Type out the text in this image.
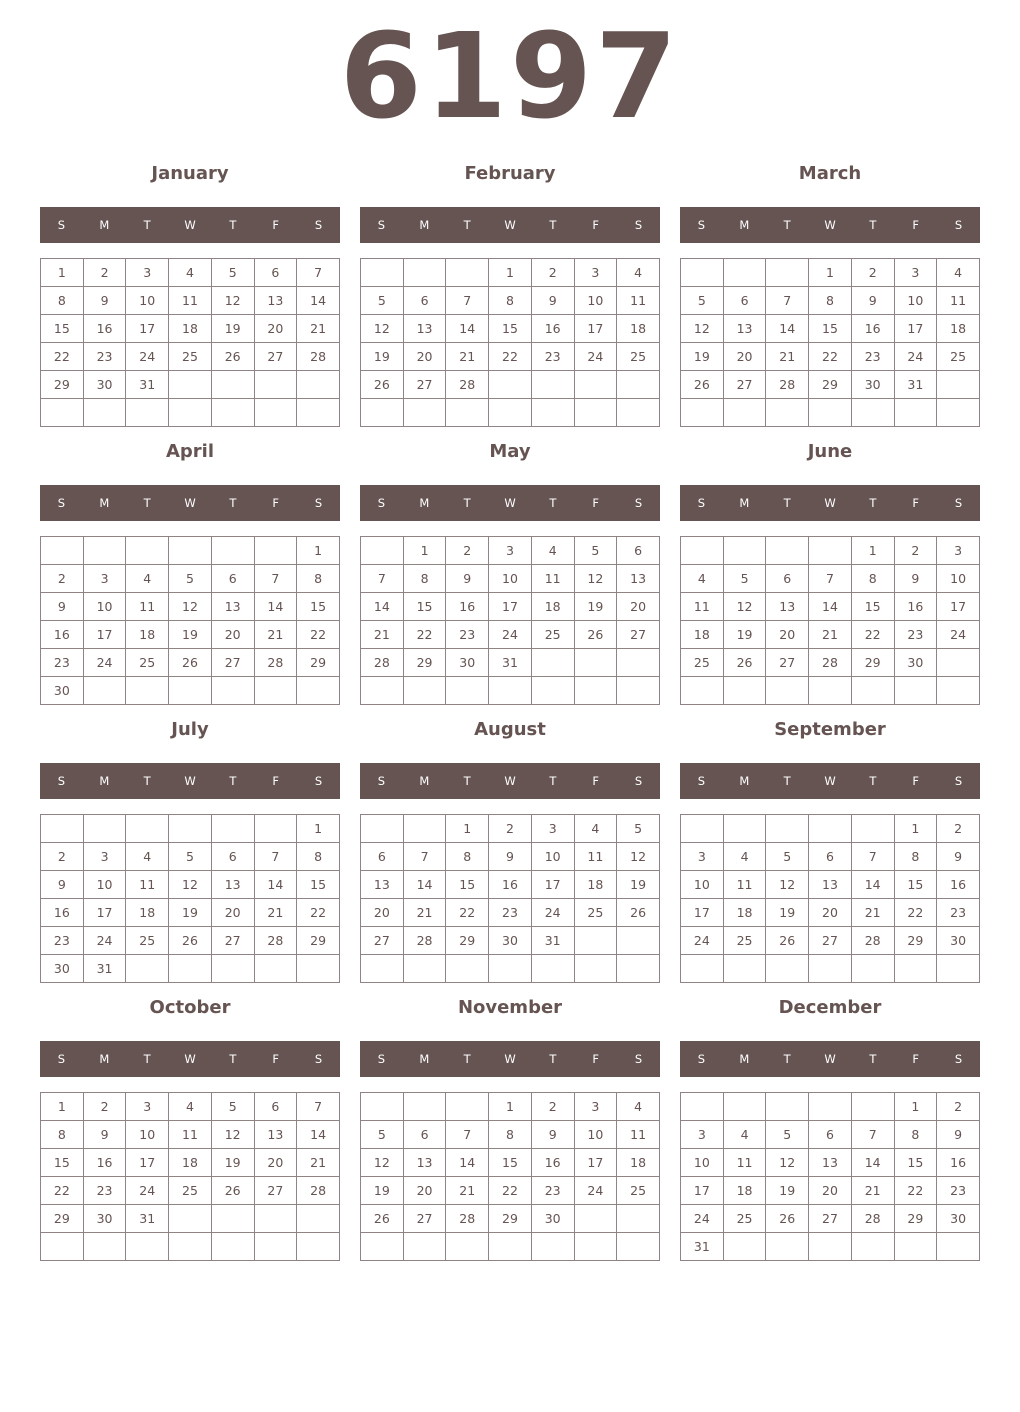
6197
January
S	M	T	W	T	F	S
1	2	3	4	5	6	7
8	9	10	11	12	13	14
15	16	17	18	19	20	21
22	23	24	25	26	27	28
29	30	31				

February
S	M	T	W	T	F	S
			1	2	3	4
5	6	7	8	9	10	11
12	13	14	15	16	17	18
19	20	21	22	23	24	25
26	27	28				

March
S	M	T	W	T	F	S
			1	2	3	4
5	6	7	8	9	10	11
12	13	14	15	16	17	18
19	20	21	22	23	24	25
26	27	28	29	30	31	

April
S	M	T	W	T	F	S
						1
2	3	4	5	6	7	8
9	10	11	12	13	14	15
16	17	18	19	20	21	22
23	24	25	26	27	28	29
30						
May
S	M	T	W	T	F	S
	1	2	3	4	5	6
7	8	9	10	11	12	13
14	15	16	17	18	19	20
21	22	23	24	25	26	27
28	29	30	31			

June
S	M	T	W	T	F	S
				1	2	3
4	5	6	7	8	9	10
11	12	13	14	15	16	17
18	19	20	21	22	23	24
25	26	27	28	29	30	

July
S	M	T	W	T	F	S
						1
2	3	4	5	6	7	8
9	10	11	12	13	14	15
16	17	18	19	20	21	22
23	24	25	26	27	28	29
30	31					
August
S	M	T	W	T	F	S
		1	2	3	4	5
6	7	8	9	10	11	12
13	14	15	16	17	18	19
20	21	22	23	24	25	26
27	28	29	30	31		

September
S	M	T	W	T	F	S
					1	2
3	4	5	6	7	8	9
10	11	12	13	14	15	16
17	18	19	20	21	22	23
24	25	26	27	28	29	30

October
S	M	T	W	T	F	S
1	2	3	4	5	6	7
8	9	10	11	12	13	14
15	16	17	18	19	20	21
22	23	24	25	26	27	28
29	30	31				

November
S	M	T	W	T	F	S
			1	2	3	4
5	6	7	8	9	10	11
12	13	14	15	16	17	18
19	20	21	22	23	24	25
26	27	28	29	30		

December
S	M	T	W	T	F	S
					1	2
3	4	5	6	7	8	9
10	11	12	13	14	15	16
17	18	19	20	21	22	23
24	25	26	27	28	29	30
31						
